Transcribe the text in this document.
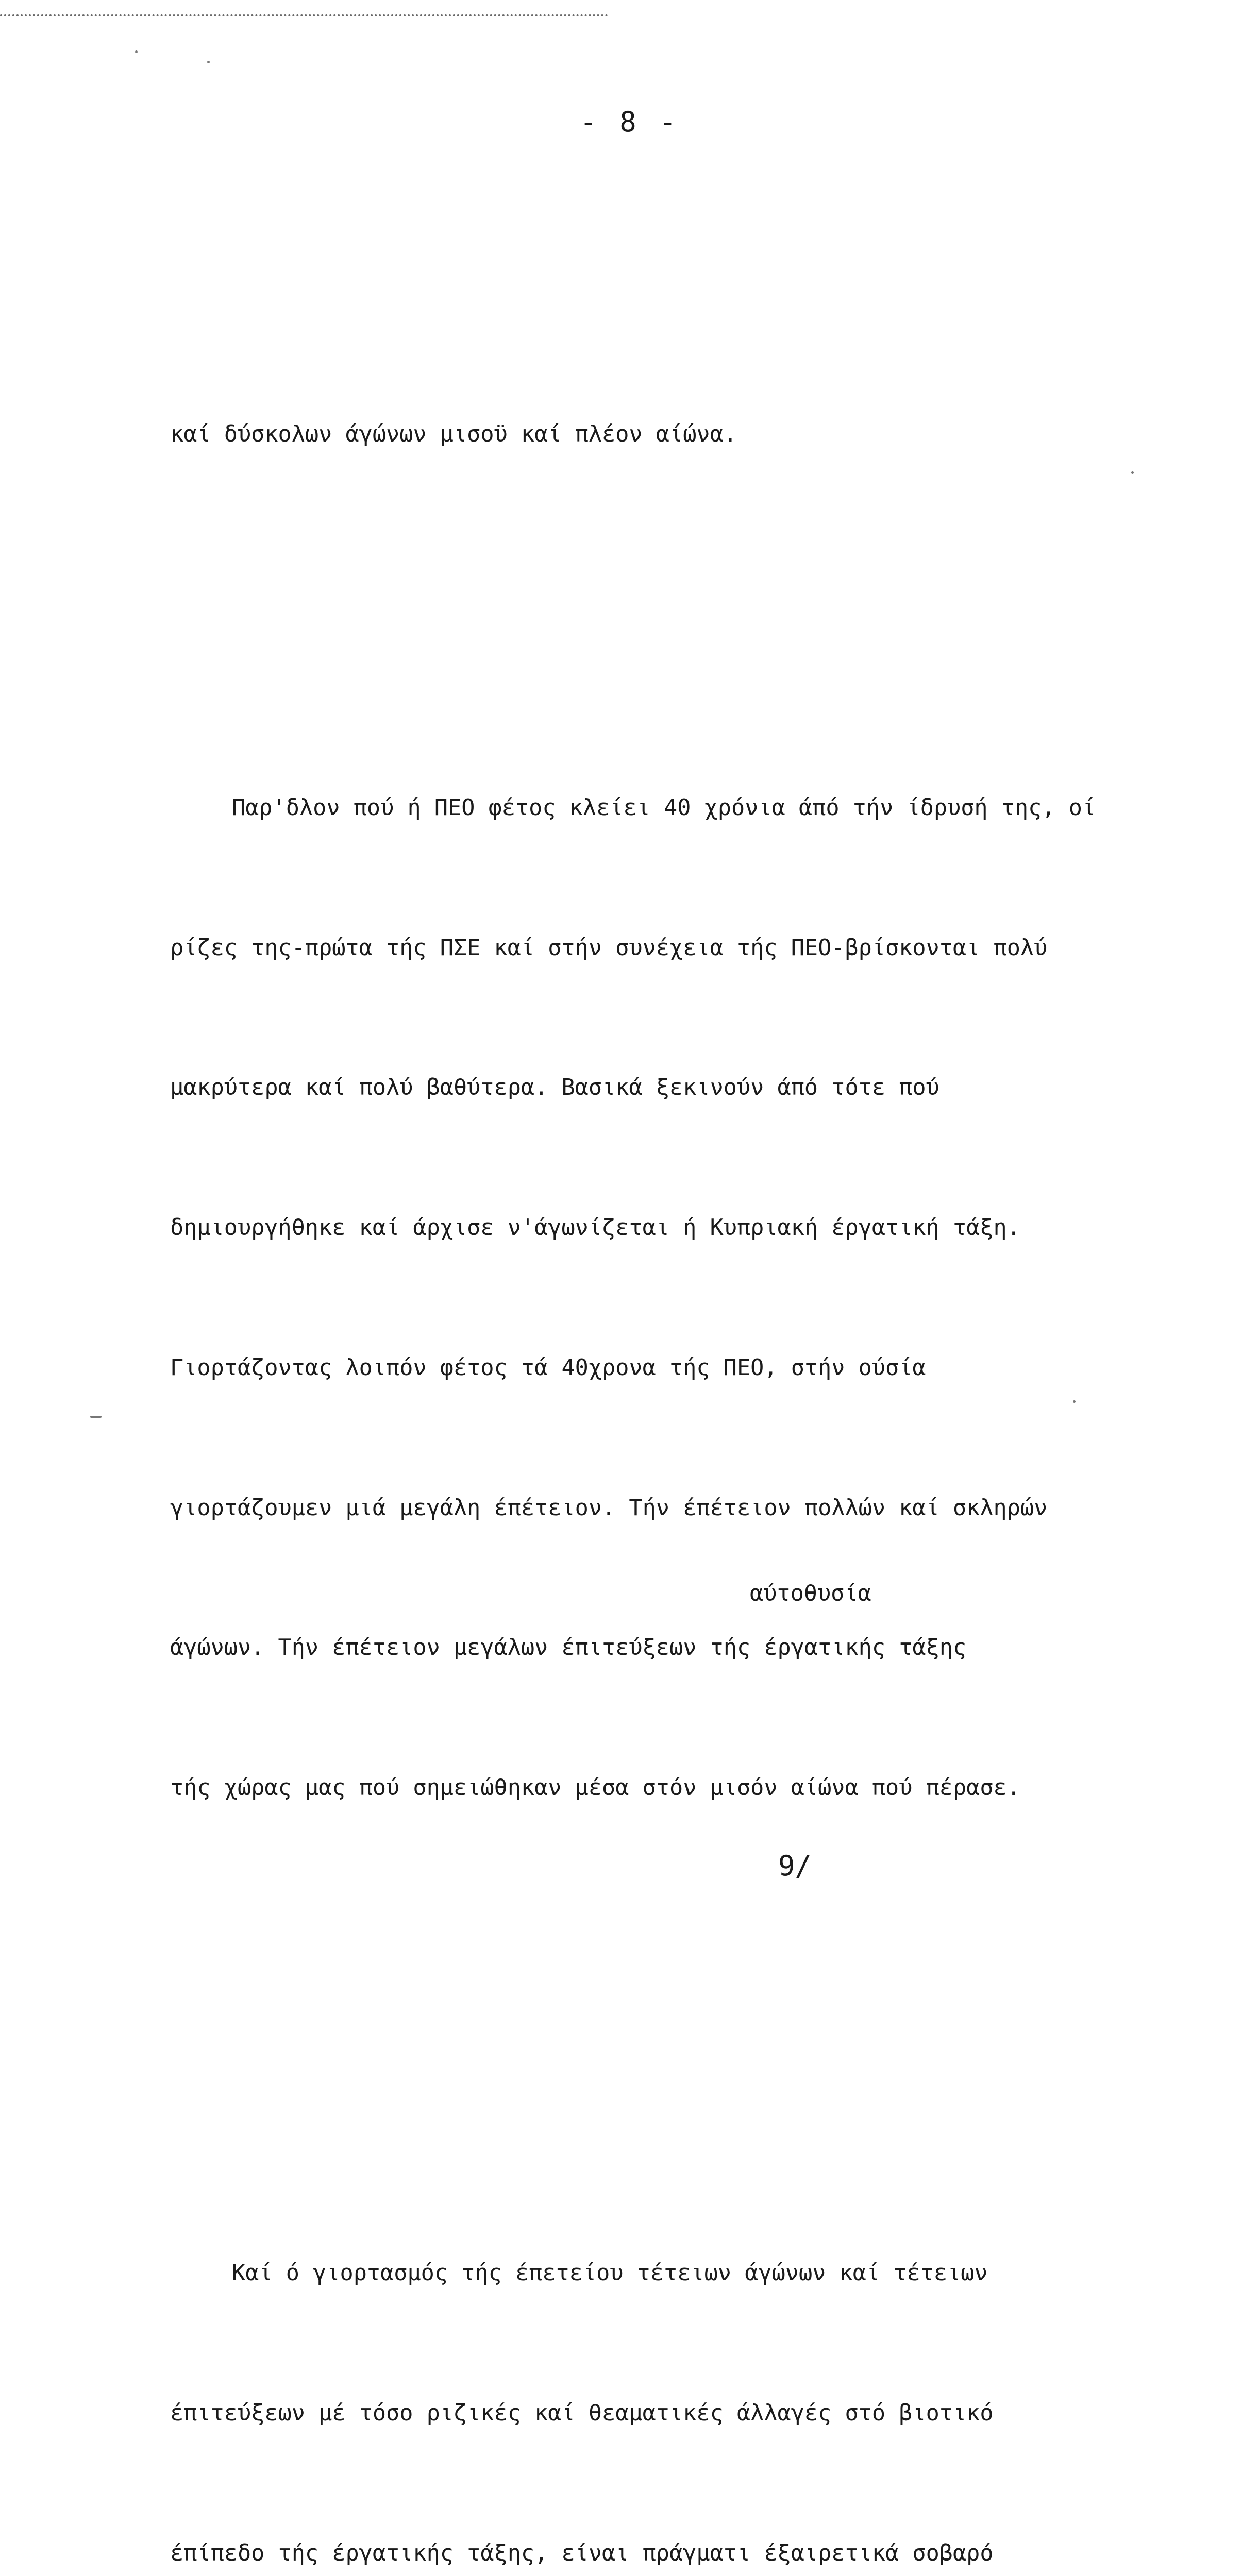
- 8 -

καί δύσκολων άγώνων μισοϋ καί πλέον αίώνα.

Παρ'δλον πού ή ΠΕΟ φέτος κλείει 40 χρόνια άπό τήν ίδρυσή της, οί

ρίζες της-πρώτα τής ΠΣΕ καί στήν συνέχεια τής ΠΕΟ-βρίσκονται πολύ

μακρύτερα καί πολύ βαθύτερα. Βασικά ξεκινούν άπό τότε πού

δημιουργήθηκε καί άρχισε ν'άγωνίζεται ή Κυπριακή έργατική τάξη.

Γιορτάζοντας λοιπόν φέτος τά 40χρονα τής ΠΕΟ, στήν ούσία

γιορτάζουμεν μιά μεγάλη έπέτειον. Τήν έπέτειον πολλών καί σκληρών

άγώνων. Τήν έπέτειον μεγάλων έπιτεύξεων τής έργατικής τάξης

τής χώρας μας πού σημειώθηκαν μέσα στόν μισόν αίώνα πού πέρασε.

Καί ό γιορτασμός τής έπετείου τέτειων άγώνων καί τέτειων

έπιτεύξεων μέ τόσο ριζικές καί θεαματικές άλλαγές στό βιοτικό

έπίπεδο τής έργατικής τάξης, είναι πράγματι έξαιρετικά σοβαρό

αύτοθυσία
9/
